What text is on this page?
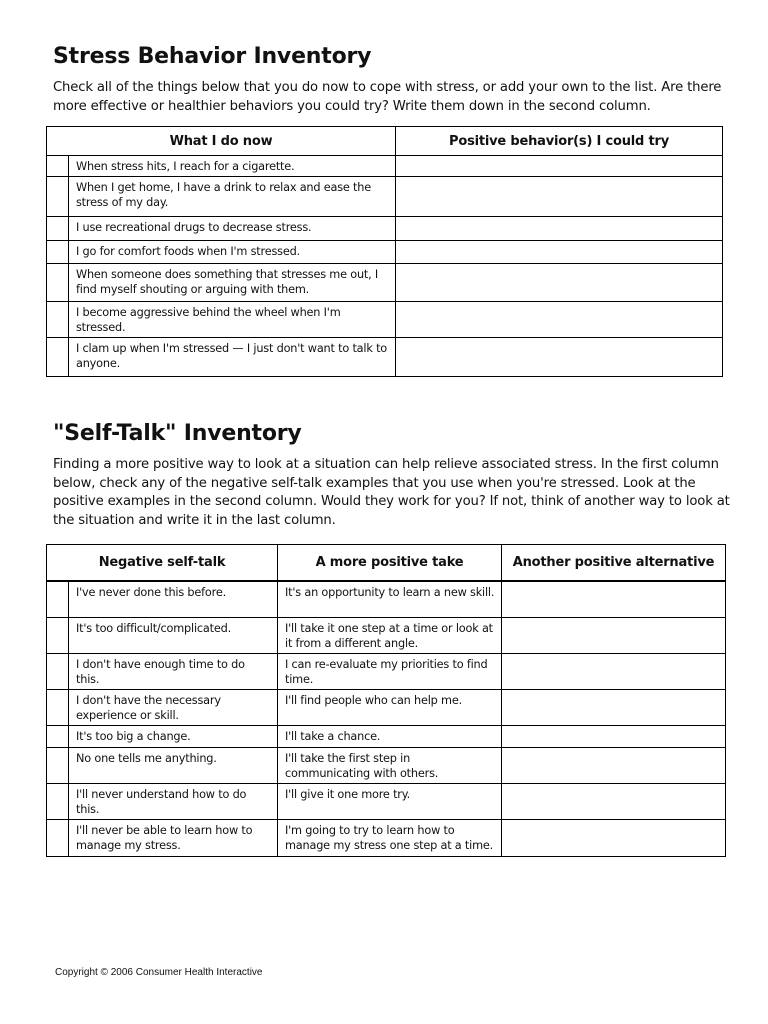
Stress Behavior Inventory

Check all of the things below that you do now to cope with stress, or add your own to the list. Are there more effective or healthier behaviors you could try? Write them down in the second column.

What I do now		Positive behavior(s) I could try

	When stress hits, I reach for a cigarette.	

	When I get home, I have a drink to relax and ease the stress of my day.	

	I use recreational drugs to decrease stress.	

	I go for comfort foods when I'm stressed.	

	When someone does something that stresses me out, I find myself shouting or arguing with them.	

	I become aggressive behind the wheel when I'm stressed.	

	I clam up when I'm stressed — I just don't want to talk to anyone.	

"Self-Talk" Inventory

Finding a more positive way to look at a situation can help relieve associated stress. In the first column below, check any of the negative self-talk examples that you use when you're stressed. Look at the positive examples in the second column. Would they work for you? If not, think of another way to look at the situation and write it in the last column.

Negative self-talk		A more positive take	Another positive alternative

	I've never done this before.	It's an opportunity to learn a new skill.	

	It's too difficult/complicated.	I'll take it one step at a time or look at it from a different angle.	

	I don't have enough time to do this.	I can re-evaluate my priorities to find time.	

	I don't have the necessary experience or skill.	I'll find people who can help me.	

	It's too big a change.	I'll take a chance.	

	No one tells me anything.	I'll take the first step in communicating with others.	

	I'll never understand how to do this.	I'll give it one more try.	

	I'll never be able to learn how to manage my stress.	I'm going to try to learn how to manage my stress one step at a time.	

Copyright © 2006 Consumer Health Interactive
